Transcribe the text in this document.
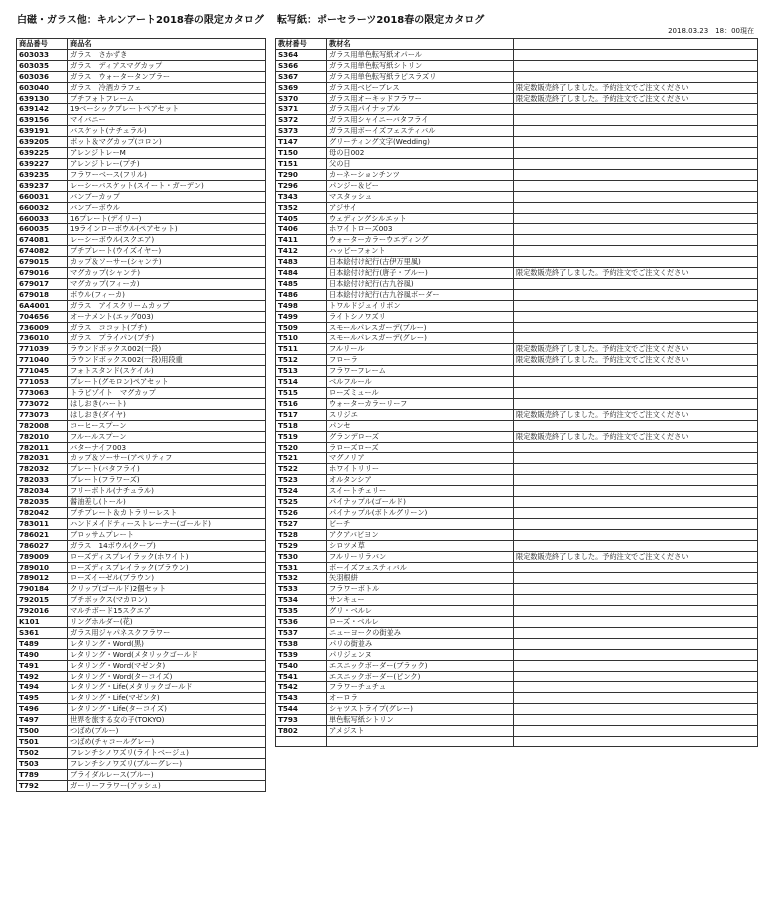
白磁・ガラス他：キルンアート2018春の限定カタログ 転写紙：ポーセラーツ2018春の限定カタログ
2018.03.23　18：00現在
商品番号	商品名
603033	ガラス　さかずき
603035	ガラス　ディアスマグカップ
603036	ガラス　ウォータータンブラー
603040	ガラス　冷酒カラフェ
639130	プチフォトフレーム
639142	19ベーシックプレートペアセット
639156	マイバニー
639191	バスケット(ナチュラル)
639205	ポット＆マグカップ(コロン)
639225	アレンジトレーM
639227	アレンジトレー(プチ)
639235	フラワーベース(フリル)
639237	レーシーバスケット(スイート・ガーデン)
660031	バンブーカップ
660032	バンブーボウル
660033	16プレート(デイリー)
660035	19ラインローボウル(ペアセット)
674081	レーシーボウル(スクエア)
674082	プチプレート(ウイズイヤー)
679015	カップ＆ソーサー(シャンテ)
679016	マグカップ(シャンテ)
679017	マグカップ(フィーカ)
679018	ボウル(フィーカ)
6A4001	ガラス　アイスクリームカップ
704656	オーナメント(エッグ003)
736009	ガラス　ココット(プチ)
736010	ガラス　プライパン(プチ)
771039	ラウンドボックス002(一段)
771040	ラウンドボックス002(一段)用段重
771045	フォトスタンド(スケイル)
771053	プレート(グモロン)ペアセット
773063	トラピゾイト　マグカップ
773072	はしおき(ハート)
773073	はしおき(ダイヤ)
782008	コーヒースプーン
782010	フルールスプーン
782011	バターナイフ003
782031	カップ＆ソーサー(アペリティフ
782032	プレート(バタフライ)
782033	プレート(フラワーズ)
782034	フリーボトル(ナチュラル)
782035	醤油差し(トール)
782042	プチプレート＆カトラリーレスト
783011	ハンドメイドティーストレーナー(ゴールド)
786021	ブロッサムプレート
786027	ガラス　14ボウル(クープ)
789009	ローズディスプレイラック(ホワイト)
789010	ローズディスプレイラック(ブラウン)
789012	ローズイーゼル(ブラウン)
790184	クリップ(ゴールド)2個セット
792015	プチボックス(マカロン)
792016	マルチボード15スクエア
K101	リングホルダー(花)
S361	ガラス用ジャパネスクフラワー
T489	レタリング・Word(黒)
T490	レタリング・Word(メタリックゴールド
T491	レタリング・Word(マゼンタ)
T492	レタリング・Word(ターコイズ)
T494	レタリング・Life(メタリックゴールド
T495	レタリング・Life(マゼンタ)
T496	レタリング・Life(ターコイズ)
T497	世界を旅する女の子(TOKYO)
T500	つばめ(ブルー)
T501	つばめ(チャコールグレー)
T502	フレンチシノワズリ(ライトベージュ)
T503	フレンチシノワズリ(ブルーグレー)
T789	ブライダルレース(ブルー)
T792	ガーリーフラワー(アッシュ)
教材番号	教材名	
S364	ガラス用単色転写紙オパール	
S366	ガラス用単色転写紙シトリン	
S367	ガラス用単色転写紙ラピスラズリ	
S369	ガラス用ベビーブレス	限定数販売終了しました。予約注文でご注文ください
S370	ガラス用オーキッドフラワー	限定数販売終了しました。予約注文でご注文ください
S371	ガラス用パイナップル	
S372	ガラス用シャイニーバタフライ	
S373	ガラス用ボーイズフェスティバル	
T147	グリーティング文字(Wedding)	
T150	母の日002	
T151	父の日	
T290	カーネーションチンツ	
T296	パンジー＆ビー	
T343	マスタッシュ	
T352	アジサイ	
T405	ウェディングシルエット	
T406	ホワイトローズ003	
T411	ウォーターカラーウエディング	
T412	ハッピーフォント	
T483	日本絵付け紀行(古伊万里風)	
T484	日本絵付け紀行(唐子・ブルー)	限定数販売終了しました。予約注文でご注文ください
T485	日本絵付け紀行(古九谷風)	
T486	日本絵付け紀行(古九谷風ボーダー	
T498	トワルドジュイリボン	
T499	ライトシノワズリ	
T509	スモールパレスガーデ(ブルー)	
T510	スモールパレスガーデ(グレー)	
T511	フルリール	限定数販売終了しました。予約注文でご注文ください
T512	フローラ	限定数販売終了しました。予約注文でご注文ください
T513	フラワーフレーム	
T514	ベルフルール	
T515	ローズミュール	
T516	ウォーターカラーリーフ	
T517	スリジエ	限定数販売終了しました。予約注文でご注文ください
T518	パンセ	
T519	グランデローズ	限定数販売終了しました。予約注文でご注文ください
T520	ラローズローズ	
T521	マグノリア	
T522	ホワイトリリー	
T523	オルタンシア	
T524	スイートチェリー	
T525	パイナップル(ゴールド)	
T526	パイナップル(ボトルグリーン)	
T527	ビーチ	
T528	アクアバビヨン	
T529	シロツメ草	
T530	フルリーリラバン	限定数販売終了しました。予約注文でご注文ください
T531	ボーイズフェスティバル	
T532	矢羽根絣	
T533	フラワーボトル	
T534	サンキュー	
T535	グリ・ベルレ	
T536	ローズ・ベルレ	
T537	ニューヨークの街並み	
T538	パリの街並み	
T539	パリジェンヌ	
T540	エスニックボーダー(ブラック)	
T541	エスニックボーダー(ピンク)	
T542	フラワーチュチュ	
T543	オーロラ	
T544	シャツストライプ(グレー)	
T793	単色転写紙シトリン	
T802	アメジスト	
